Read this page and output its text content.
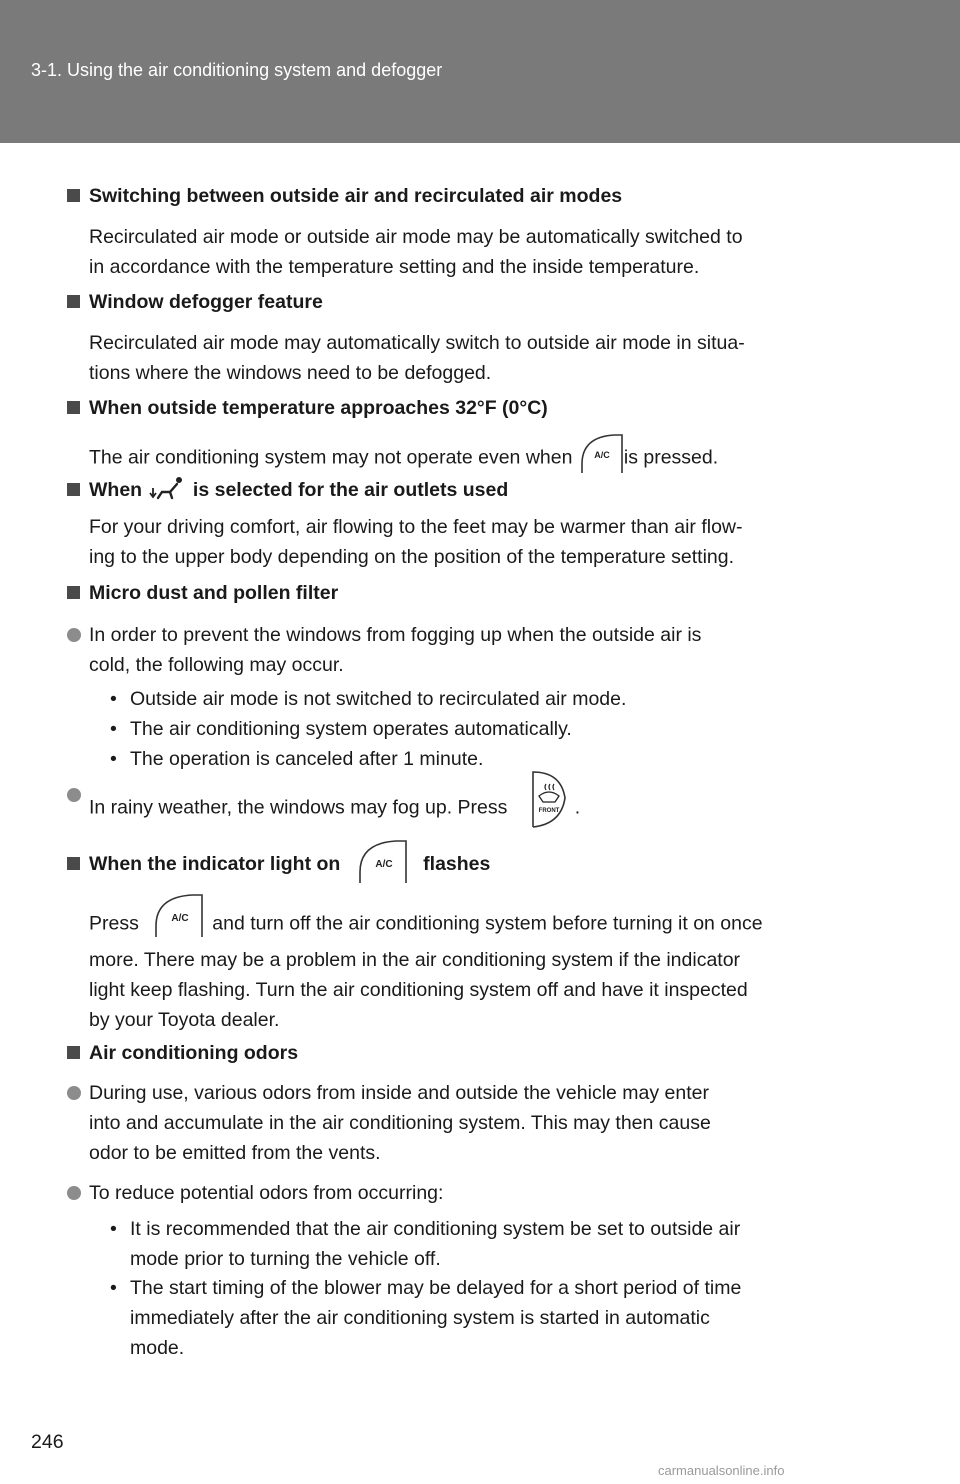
3-1. Using the air conditioning system and defogger
Switching between outside air and recirculated air modes
Recirculated air mode or outside air mode may be automatically switched to
in accordance with the temperature setting and the inside temperature.
Window defogger feature
Recirculated air mode may automatically switch to outside air mode in situa-
tions where the windows need to be defogged.
When outside temperature approaches 32°F (0°C)
The air conditioning system may not operate even when A/C is pressed.
When	is selected for the air outlets used
For your driving comfort, air flowing to the feet may be warmer than air flow-
ing to the upper body depending on the position of the temperature setting.
Micro dust and pollen filter
In order to prevent the windows from fogging up when the outside air is
cold, the following may occur.
• Outside air mode is not switched to recirculated air mode.
• The air conditioning system operates automatically.
• The operation is canceled after 1 minute.
In rainy weather, the windows may fog up. Press	FRONT .
When the indicator light on	A/C flashes
Press	A/C and turn off the air conditioning system before turning it on once
more. There may be a problem in the air conditioning system if the indicator
light keep flashing. Turn the air conditioning system off and have it inspected
by your Toyota dealer.
Air conditioning odors
During use, various odors from inside and outside the vehicle may enter
into and accumulate in the air conditioning system. This may then cause
odor to be emitted from the vents.
To reduce potential odors from occurring:
• It is recommended that the air conditioning system be set to outside air
mode prior to turning the vehicle off.
• The start timing of the blower may be delayed for a short period of time
immediately after the air conditioning system is started in automatic
mode.
246
carmanualsonline.info
